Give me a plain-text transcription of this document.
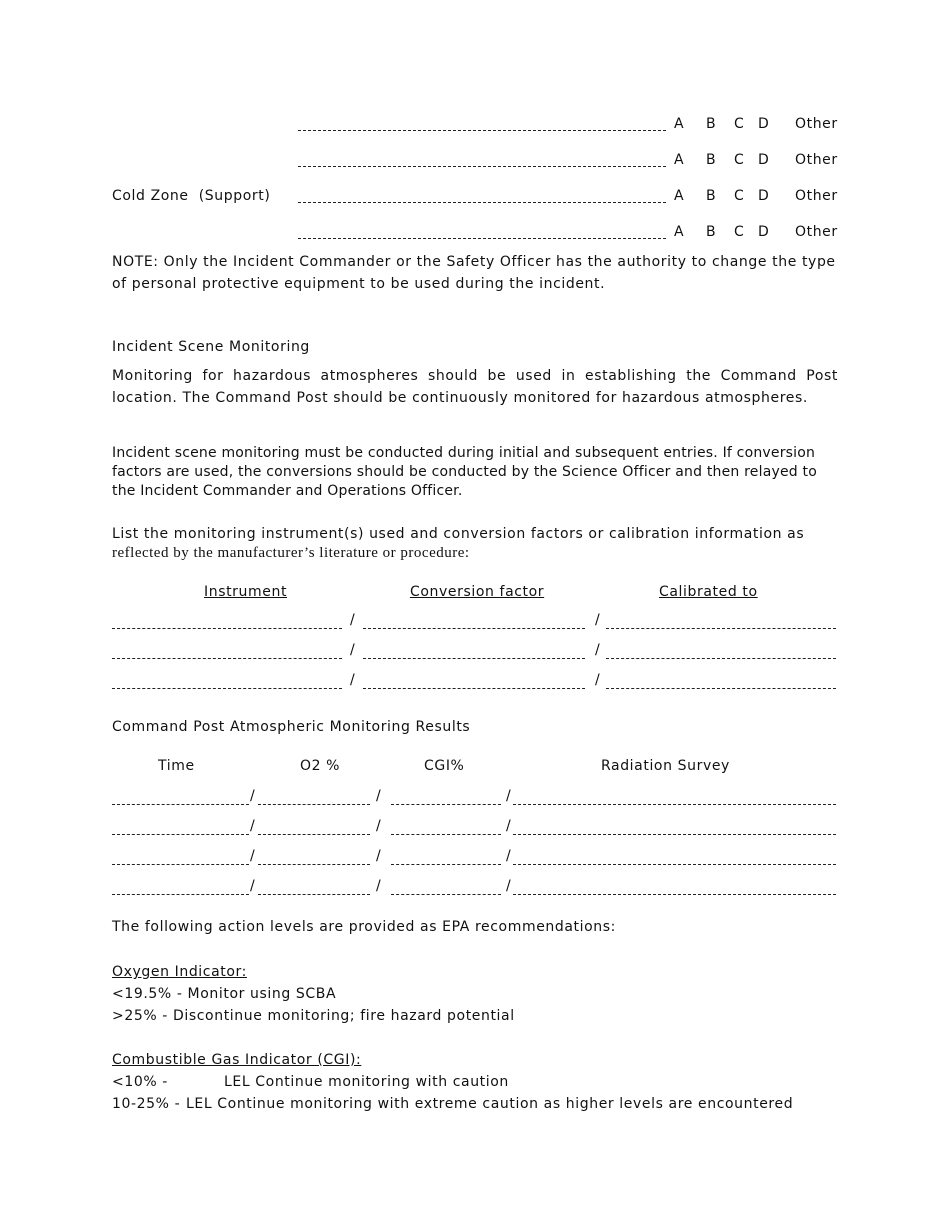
A B C D Other
A B C D Other
Cold Zone  (Support)	A B C D Other
A B C D Other
NOTE: Only the Incident Commander or the Safety Officer has the authority to change the type of personal protective equipment to be used during the incident.
Incident Scene Monitoring
Monitoring for hazardous atmospheres should be used in establishing the Command Post location. The Command Post should be continuously monitored for hazardous atmospheres.
Incident scene monitoring must be conducted during initial and subsequent entries. If conversion factors are used, the conversions should be conducted by the Science Officer and then relayed to the Incident Commander and Operations Officer.
List the monitoring instrument(s) used and conversion factors or calibration information as
reflected by the manufacturer’s literature or procedure:
Instrument	Conversion factor	Calibrated to
/	/
/	/
/	/
Command Post Atmospheric Monitoring Results
Time	O2 %	CGI%	Radiation Survey
/	/	/
/	/	/
/	/	/
/	/	/
The following action levels are provided as EPA recommendations:
Oxygen Indicator:
<19.5% - Monitor using SCBA
>25% - Discontinue monitoring; fire hazard potential
Combustible Gas Indicator (CGI):
<10% -	LEL Continue monitoring with caution
10-25% - LEL Continue monitoring with extreme caution as higher levels are encountered
